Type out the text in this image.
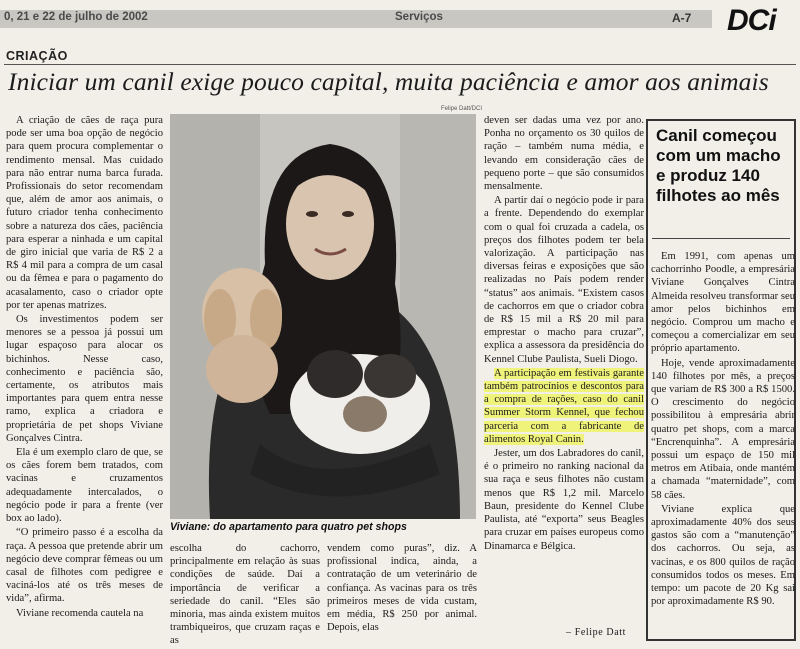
0, 21 e 22 de julho de 2002	Serviços	A-7 DCi
CRIAÇÃO
Iniciar um canil exige pouco capital, muita paciência e amor aos animais
Felipe Datt/DCI

A criação de cães de raça pura pode ser uma boa opção de negócio para quem procura complementar o rendimento mensal. Mas cuidado para não entrar numa barca furada. Profissionais do setor recomendam que, além de amor aos animais, o futuro criador tenha conhecimento sobre a natureza dos cães, paciência para esperar a ninhada e um capital de giro inicial que varia de R$ 2 a R$ 4 mil para a compra de um casal ou da fêmea e para o pagamento do acasalamento, caso o criador opte por ter apenas matrizes.

Os investimentos podem ser menores se a pessoa já possui um lugar espaçoso para alocar os bichinhos. Nesse caso, conhecimento e paciência são, certamente, os atributos mais importantes para quem entra nesse ramo, explica a criadora e proprietária de pet shops Viviane Gonçalves Cintra.

Ela é um exemplo claro de que, se os cães forem bem tratados, com vacinas e cruzamentos adequadamente intercalados, o negócio pode ir para a frente (ver box ao lado).

“O primeiro passo é a escolha da raça. A pessoa que pretende abrir um negócio deve comprar fêmeas ou um casal de filhotes com pedigree e vaciná-los até os três meses de vida”, afirma.

Viviane recomenda cautela na

Viviane: do apartamento para quatro pet shops

escolha do cachorro, principalmente em relação às suas condições de saúde. Daí a importância de verificar a seriedade do canil. “Eles são minoria, mas ainda existem muitos trambiqueiros, que cruzam raças e as

vendem como puras”, diz. A profissional indica, ainda, a contratação de um veterinário de confiança. As vacinas para os três primeiros meses de vida custam, em média, R$ 250 por animal. Depois, elas

deven ser dadas uma vez por ano. Ponha no orçamento os 30 quilos de ração – também numa média, e levando em consideração cães de pequeno porte – que são consumidos mensalmente.

A partir daí o negócio pode ir para a frente. Dependendo do exemplar com o qual foi cruzada a cadela, os preços dos filhotes podem ter bela valorização. A participação nas diversas feiras e exposições que são realizadas no País podem render “status” aos animais. “Existem casos de cachorros em que o criador cobra de R$ 15 mil a R$ 20 mil para emprestar o macho para cruzar”, explica a assessora da presidência do Kennel Clube Paulista, Sueli Diogo.

A participação em festivais garante também patrocínios e descontos para a compra de rações, caso do canil Summer Storm Kennel, que fechou parceria com a fabricante de alimentos Royal Canin.

Jester, um dos Labradores do canil, é o primeiro no ranking nacional da sua raça e seus filhotes não custam menos que R$ 1,2 mil. Marcelo Baun, presidente do Kennel Clube Paulista, até “exporta” seus Beagles para cruzar em países europeus como Dinamarca e Bélgica.

– Felipe Datt
Canil começou com um macho e produz 140 filhotes ao mês

Em 1991, com apenas um cachorrinho Poodle, a empresária Viviane Gonçalves Cintra Almeida resolveu transformar seu amor pelos bichinhos em negócio. Comprou um macho e começou a comercializar em seu próprio apartamento.

Hoje, vende aproximadamente 140 filhotes por mês, a preços que variam de R$ 300 a R$ 1500. O crescimento do negócio possibilitou à empresária abrir quatro pet shops, com a marca “Encrenquinha”. A empresária possui um espaço de 150 mil metros em Atibaia, onde mantém a chamada “maternidade”, com 58 cães.

Viviane explica que aproximadamente 40% dos seus gastos são com a “manutenção” dos cachorros. Ou seja, as vacinas, e os 800 quilos de ração consumidos todos os meses. Em tempo: um pacote de 20 Kg sai por aproximadamente R$ 90.
